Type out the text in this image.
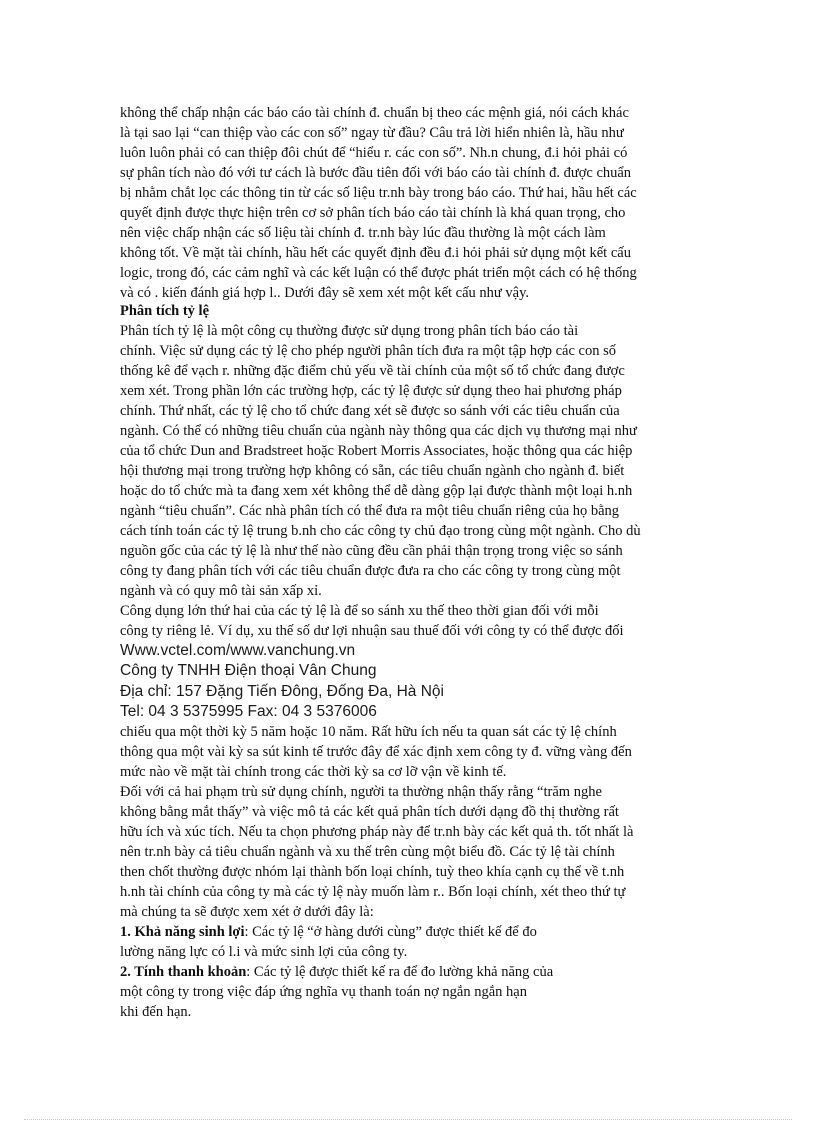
không thể chấp nhận các báo cáo tài chính đ. chuẩn bị theo các mệnh giá, nói cách khác
là tại sao lại “can thiệp vào các con số” ngay từ đầu? Câu trả lời hiển nhiên là, hầu như
luôn luôn phải có can thiệp đôi chút để “hiểu r. các con số”. Nh.n chung, đ.i hỏi phải có
sự phân tích nào đó với tư cách là bước đầu tiên đối với báo cáo tài chính đ. được chuẩn
bị nhằm chắt lọc các thông tin từ các số liệu tr.nh bày trong báo cáo. Thứ hai, hầu hết các
quyết định được thực hiện trên cơ sở phân tích báo cáo tài chính là khá quan trọng, cho
nên việc chấp nhận các số liệu tài chính đ. tr.nh bày lúc đầu thường là một cách làm
không tốt. Về mặt tài chính, hầu hết các quyết định đều đ.i hỏi phải sử dụng một kết cấu
logic, trong đó, các cảm nghĩ và các kết luận có thể được phát triển một cách có hệ thống
và có . kiến đánh giá hợp l.. Dưới đây sẽ xem xét một kết cấu như vậy.
Phân tích tỷ lệ
Phân tích tỷ lệ là một công cụ thường được sử dụng trong phân tích báo cáo tài
chính. Việc sử dụng các tỷ lệ cho phép người phân tích đưa ra một tập hợp các con số
thống kê để vạch r. những đặc điểm chủ yếu về tài chính của một số tổ chức đang được
xem xét. Trong phần lớn các trường hợp, các tỷ lệ được sử dụng theo hai phương pháp
chính. Thứ nhất, các tỷ lệ cho tổ chức đang xét sẽ được so sánh với các tiêu chuẩn của
ngành. Có thể có những tiêu chuẩn của ngành này thông qua các dịch vụ thương mại như
của tổ chức Dun and Bradstreet hoặc Robert Morris Associates, hoặc thông qua các hiệp
hội thương mại trong trường hợp không có sẵn, các tiêu chuẩn ngành cho ngành đ. biết
hoặc do tổ chức mà ta đang xem xét không thể dễ dàng gộp lại được thành một loại h.nh
ngành “tiêu chuẩn”. Các nhà phân tích có thể đưa ra một tiêu chuẩn riêng của họ bằng
cách tính toán các tỷ lệ trung b.nh cho các công ty chủ đạo trong cùng một ngành. Cho dù
nguồn gốc của các tỷ lệ là như thế nào cũng đều cần phải thận trọng trong việc so sánh
công ty đang phân tích với các tiêu chuẩn được đưa ra cho các công ty trong cùng một
ngành và có quy mô tài sản xấp xỉ.
Công dụng lớn thứ hai của các tỷ lệ là để so sánh xu thế theo thời gian đối với mỗi
công ty riêng lẻ. Ví dụ, xu thế số dư lợi nhuận sau thuế đối với công ty có thể được đối
Www.vctel.com/www.vanchung.vn
Công ty TNHH Điện thoại Vân Chung
Địa chỉ: 157 Đặng Tiến Đông, Đống Đa, Hà Nội
Tel: 04 3 5375995 Fax: 04 3 5376006
chiếu qua một thời kỳ 5 năm hoặc 10 năm. Rất hữu ích nếu ta quan sát các tỷ lệ chính
thông qua một vài kỳ sa sút kinh tế trước đây để xác định xem công ty đ. vững vàng đến
mức nào về mặt tài chính trong các thời kỳ sa cơ lỡ vận về kinh tế.
Đối với cả hai phạm trù sử dụng chính, người ta thường nhận thấy rằng “trăm nghe
không bằng mắt thấy” và việc mô tả các kết quả phân tích dưới dạng đồ thị thường rất
hữu ích và xúc tích. Nếu ta chọn phương pháp này để tr.nh bày các kết quả th. tốt nhất là
nên tr.nh bày cả tiêu chuẩn ngành và xu thế trên cùng một biểu đồ. Các tỷ lệ tài chính
then chốt thường được nhóm lại thành bốn loại chính, tuỳ theo khía cạnh cụ thể về t.nh
h.nh tài chính của công ty mà các tỷ lệ này muốn làm r.. Bốn loại chính, xét theo thứ tự
mà chúng ta sẽ được xem xét ở dưới đây là:
1. Khả năng sinh lợi: Các tỷ lệ “ở hàng dưới cùng” được thiết kế để đo
lường năng lực có l.i và mức sinh lợi của công ty.
2. Tính thanh khoản: Các tỷ lệ được thiết kế ra để đo lường khả năng của
một công ty trong việc đáp ứng nghĩa vụ thanh toán nợ ngắn ngắn hạn
khi đến hạn.
